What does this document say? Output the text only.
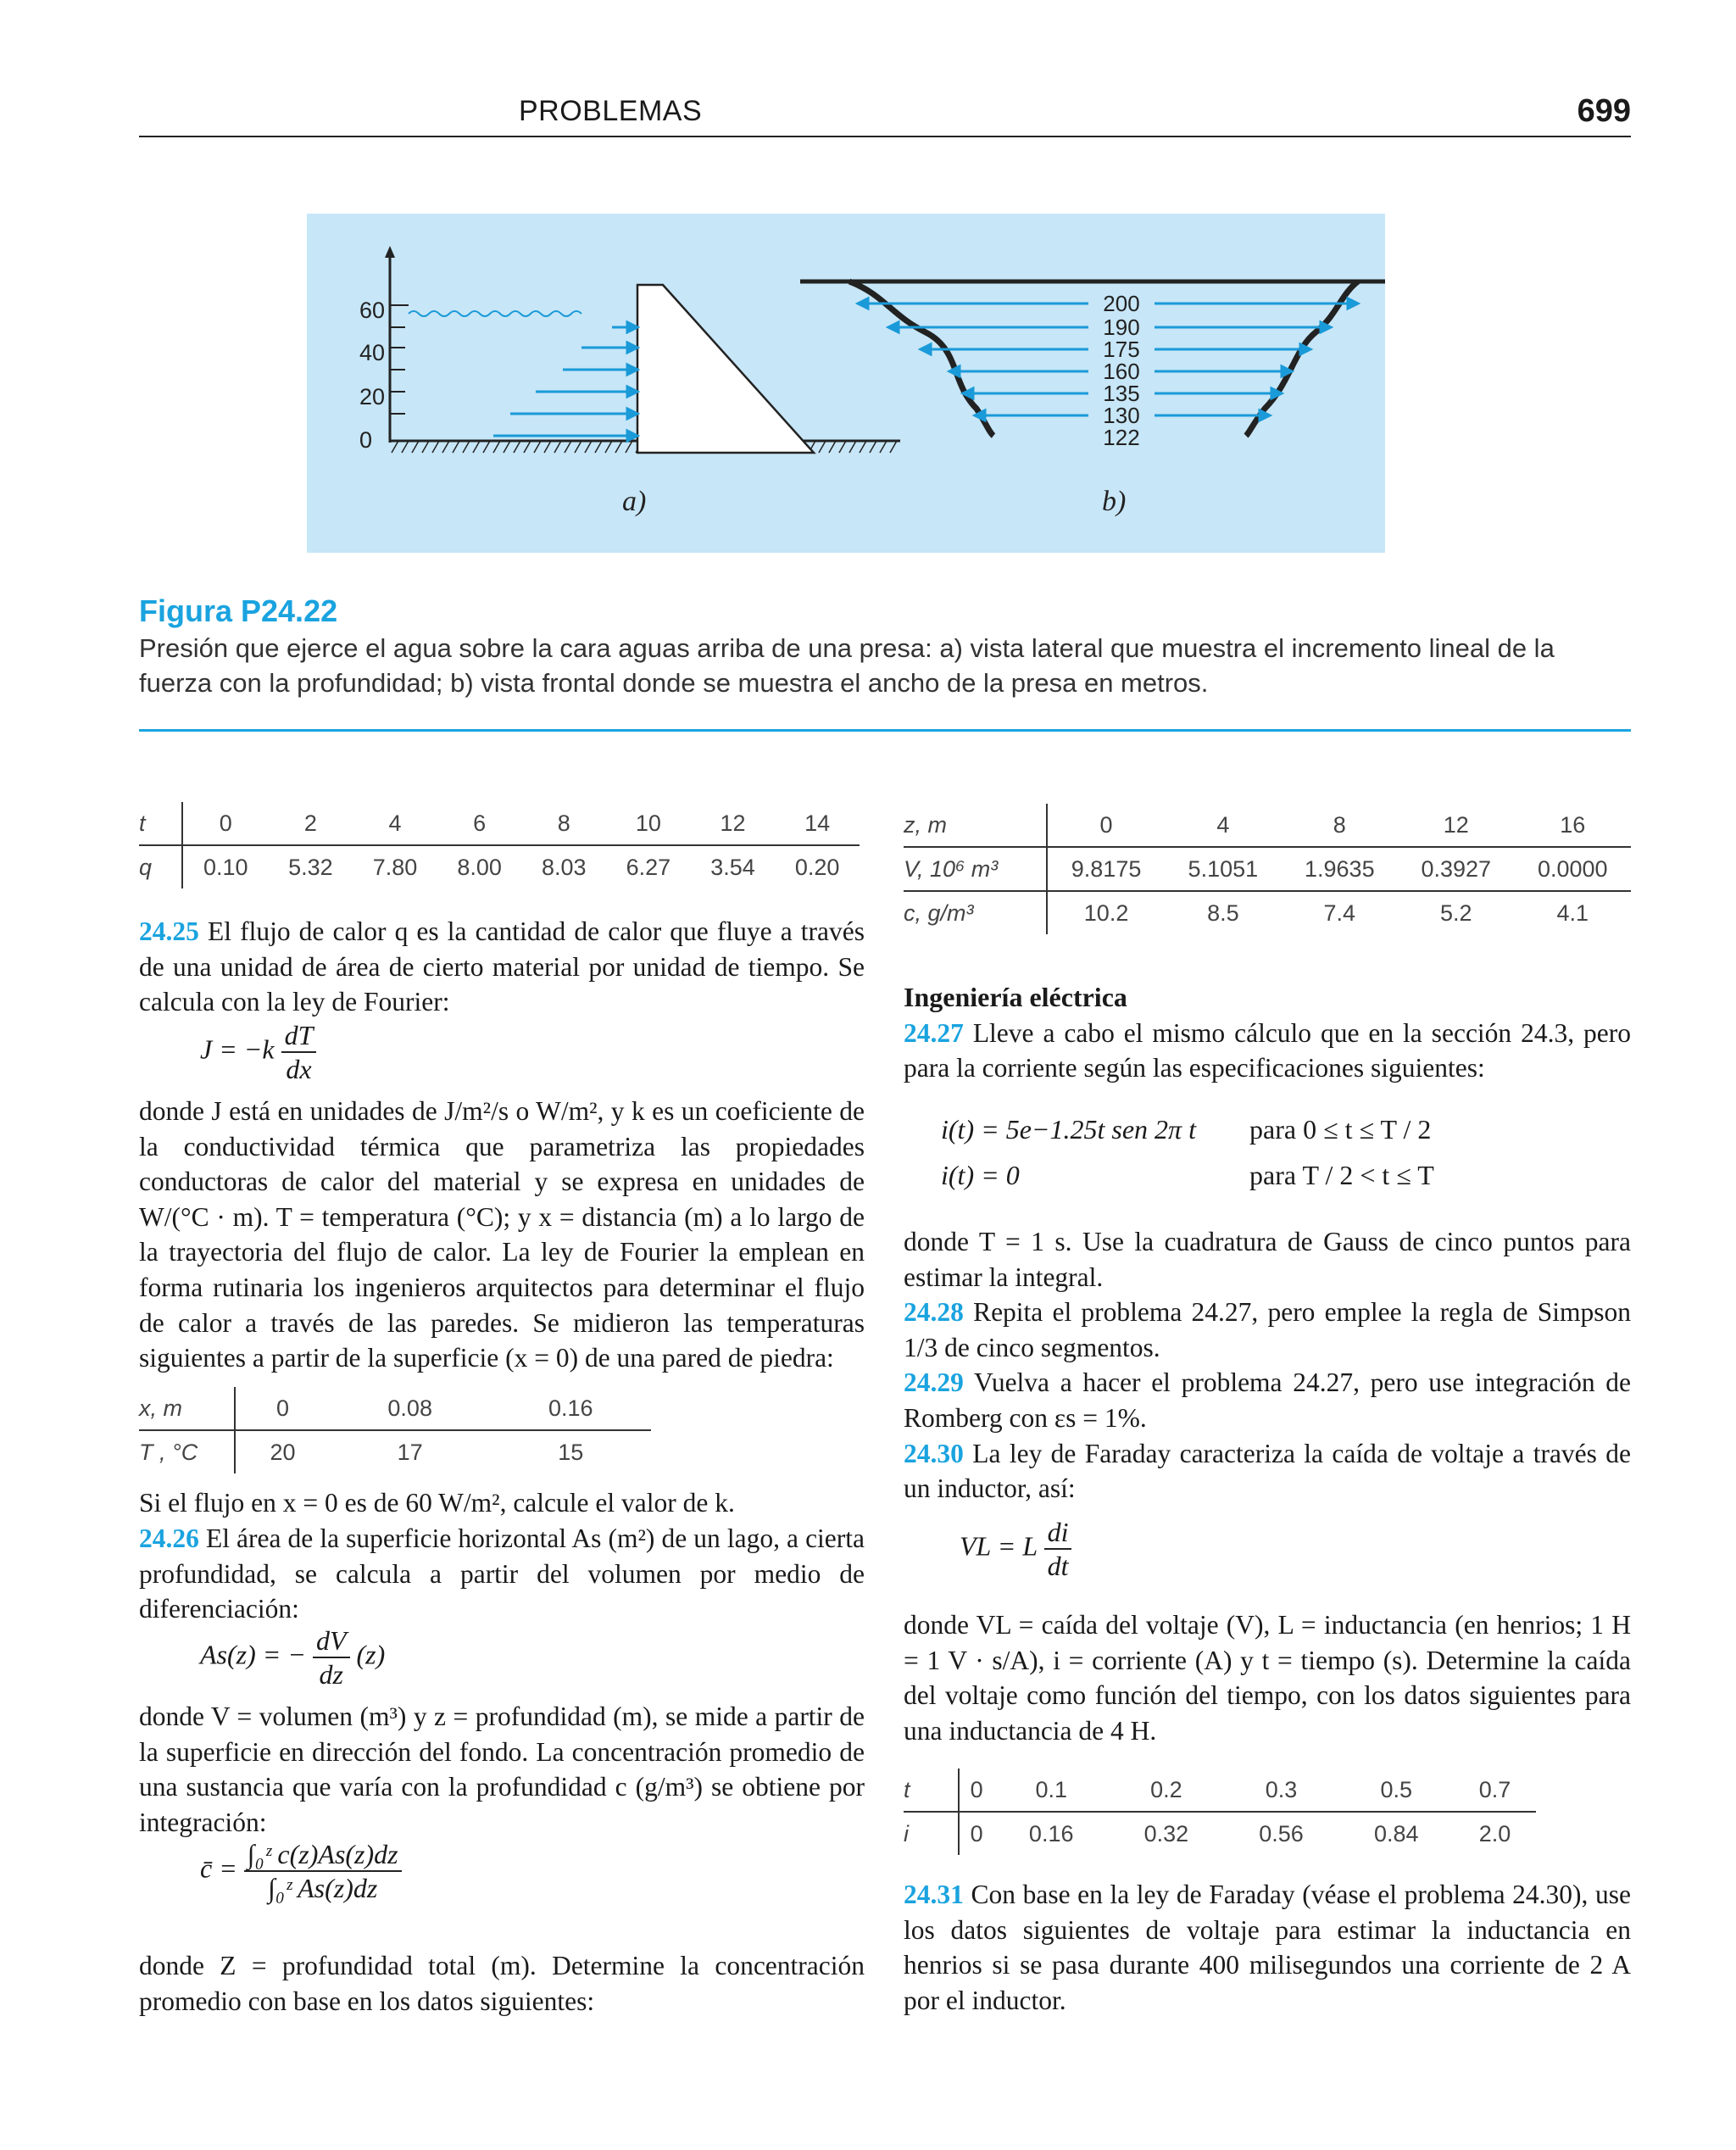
PROBLEMAS	699
60
40
20
0
a)
200
190
175
160
135
130
122
b)
Figura P24.22
Presión que ejerce el agua sobre la cara aguas arriba de una presa: a) vista lateral que muestra el incremento lineal de la fuerza con la profundidad; b) vista frontal donde se muestra el ancho de la presa en metros.
t	0	2	4	6	8	10	12	14
q	0.10	5.32	7.80	8.00	8.03	6.27	3.54	0.20

24.25 El flujo de calor q es la cantidad de calor que fluye a través de una unidad de área de cierto material por unidad de tiempo. Se calcula con la ley de Fourier:

$J = -k \frac{dT}{dx}$

donde J está en unidades de J/m²/s o W/m², y k es un coeficiente de la conductividad térmica que parametriza las propiedades conductoras de calor del material y se expresa en unidades de W/(°C · m). T = temperatura (°C); y x = distancia (m) a lo largo de la trayectoria del flujo de calor. La ley de Fourier la emplean en forma rutinaria los ingenieros arquitectos para determinar el flujo de calor a través de las paredes. Se midieron las temperaturas siguientes a partir de la superficie (x = 0) de una pared de piedra:

x, m	0	0.08	0.16
T , °C	20	17	15

Si el flujo en x = 0 es de 60 W/m², calcule el valor de k.

24.26 El área de la superficie horizontal As (m²) de un lago, a cierta profundidad, se calcula a partir del volumen por medio de diferenciación:

As(z) = − $\frac{dV}{dz} (z)$

donde V = volumen (m³) y z = profundidad (m), se mide a partir de la superficie en dirección del fondo. La concentración promedio de una sustancia que varía con la profundidad c (g/m³) se obtiene por integración:

c̄ = $\frac{\text{∫₀ᶻ c(z)As(z)dz}}{\text{∫₀ᶻ As(z)dz}}$

donde Z = profundidad total (m). Determine la concentración promedio con base en los datos siguientes:

z, m	0	4	8	12	16
V, 10⁶ m³	9.8175	5.1051	1.9635	0.3927	0.0000
c, g/m³	10.2	8.5	7.4	5.2	4.1
Ingeniería eléctrica

24.27 Lleve a cabo el mismo cálculo que en la sección 24.3, pero para la corriente según las especificaciones siguientes:

i(t) = 5e−1.25t sen 2π t para 0 ≤ t ≤ T / 2
i(t) = 0	para T / 2 < t ≤ T

donde T = 1 s. Use la cuadratura de Gauss de cinco puntos para estimar la integral.

24.28 Repita el problema 24.27, pero emplee la regla de Simpson 1/3 de cinco segmentos.

24.29 Vuelva a hacer el problema 24.27, pero use integración de Romberg con εs = 1%.

24.30 La ley de Faraday caracteriza la caída de voltaje a través de un inductor, así:

VL = L $\frac{di}{dt}$

donde VL = caída del voltaje (V), L = inductancia (en henrios; 1 H = 1 V · s/A), i = corriente (A) y t = tiempo (s). Determine la caída del voltaje como función del tiempo, con los datos siguientes para una inductancia de 4 H.

t	0	0.1	0.2	0.3	0.5	0.7
i	0	0.16	0.32	0.56	0.84	2.0

24.31 Con base en la ley de Faraday (véase el problema 24.30), use los datos siguientes de voltaje para estimar la inductancia en henrios si se pasa durante 400 milisegundos una corriente de 2 A por el inductor.
